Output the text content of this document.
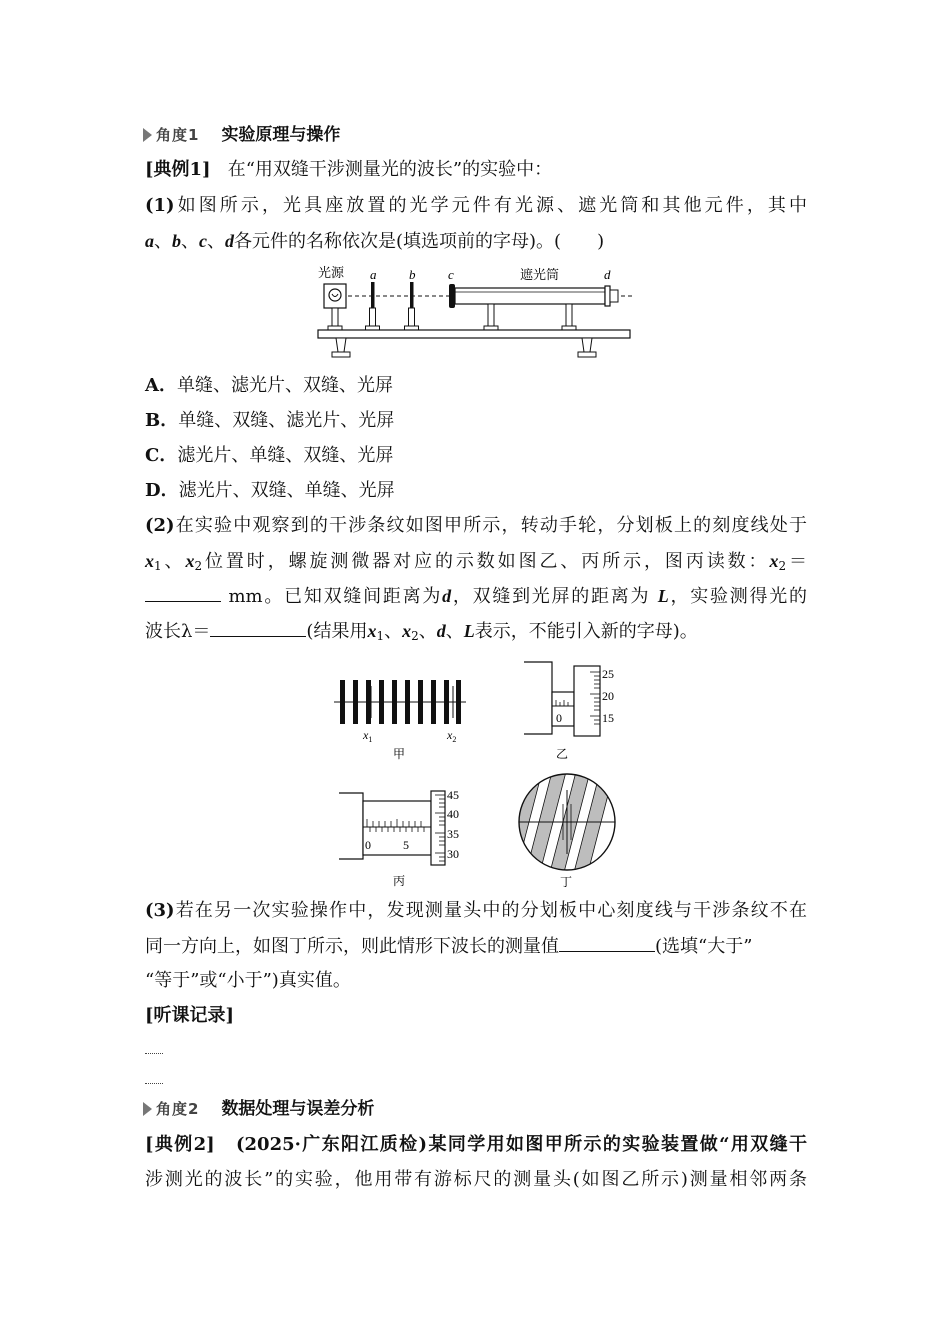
角度1 实验原理与操作
[典例1] 在“用双缝干涉测量光的波长”的实验中：
(1)如图所示，光具座放置的光学元件有光源、遮光筒和其他元件，其中
a、b、c、d各元件的名称依次是(填选项前的字母)。(　　)
光源 a	b	c	遮光筒	d
A．单缝、滤光片、双缝、光屏
B．单缝、双缝、滤光片、光屏
C．滤光片、单缝、双缝、光屏
D．滤光片、双缝、单缝、光屏
(2)在实验中观察到的干涉条纹如图甲所示，转动手轮，分划板上的刻度线处于
$x_1$、$x_2$位置时，螺旋测微器对应的示数如图乙、丙所示，图丙读数：$x_2=$
mm。已知双缝间距离为d，双缝到光屏的距离为 L，实验测得光的
波长λ＝	(结果用$x_1$、$x_2$、d、L表示，不能引入新的字母)。
$x_1$	$x_2$
甲
0
25
20
15
乙
0	5
45
40
35
30
丙	丁
(3)若在另一次实验操作中，发现测量头中的分划板中心刻度线与干涉条纹不在
同一方向上，如图丁所示，则此情形下波长的测量值	(选填“大于”
“等于”或“小于”)真实值。
[听课记录]
角度2 数据处理与误差分析
[典例2] (2025·广东阳江质检)某同学用如图甲所示的实验装置做“用双缝干
涉测光的波长”的实验，他用带有游标尺的测量头(如图乙所示)测量相邻两条
